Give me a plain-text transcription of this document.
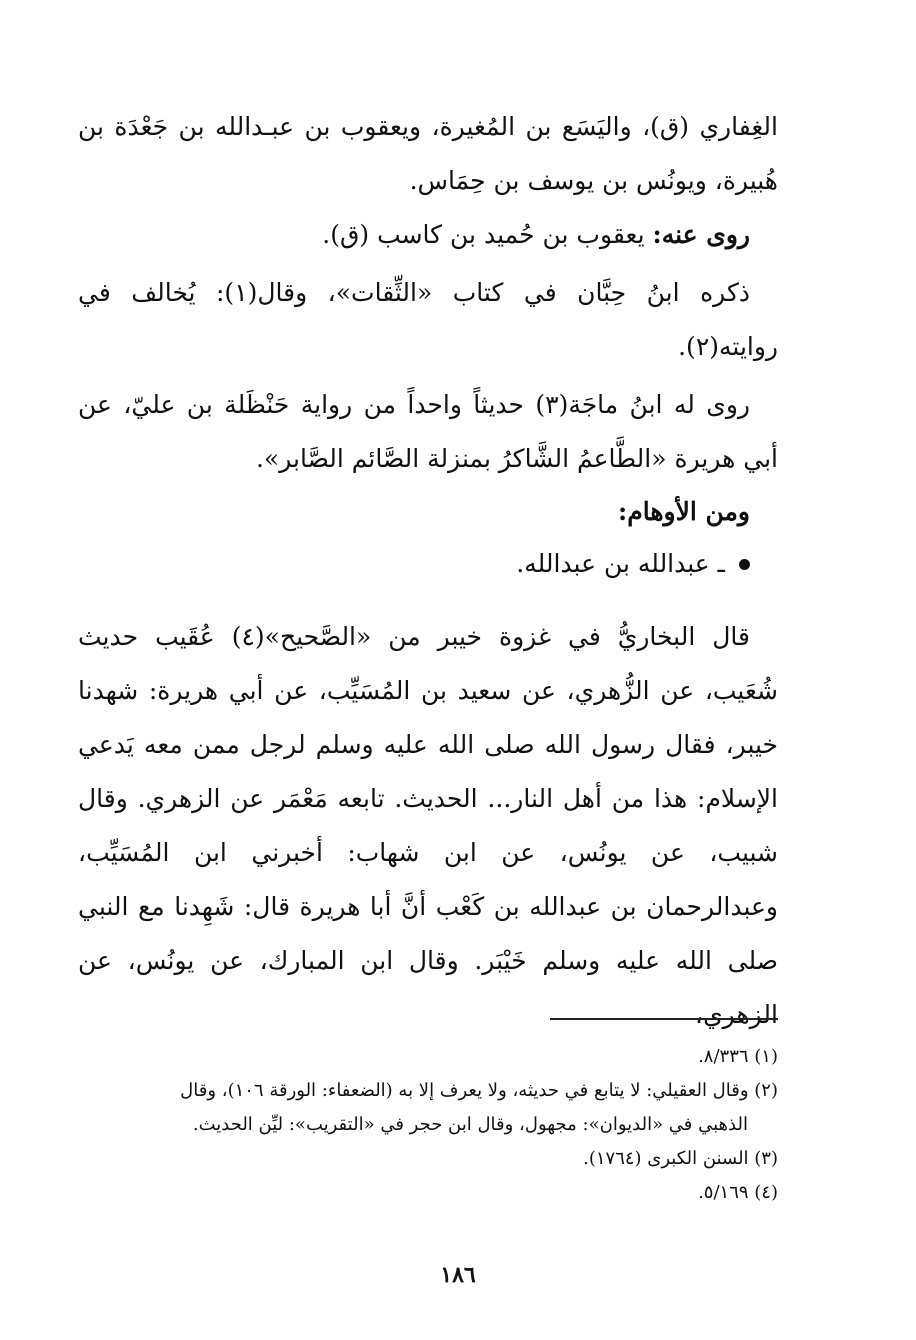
الغِفاري (ق)، واليَسَع بن المُغيرة، ويعقوب بن عبـدالله بن جَعْدَة بن هُبيرة، ويونُس بن يوسف بن حِمَاس.

روى عنه: يعقوب بن حُميد بن كاسب (ق).

ذكره ابنُ حِبَّان في كتاب «الثِّقات»، وقال(١): يُخالف في روايته(٢).

روى له ابنُ ماجَة(٣) حديثاً واحداً من رواية حَنْظَلة بن عليّ، عن أبي هريرة «الطَّاعمُ الشَّاكرُ بمنزلة الصَّائم الصَّابر».

ومن الأوهام:

ـ عبدالله بن عبدالله.

قال البخاريُّ في غزوة خيبر من «الصَّحيح»(٤) عُقَيب حديث شُعَيب، عن الزُّهري، عن سعيد بن المُسَيِّب، عن أبي هريرة: شهدنا خيبر، فقال رسول الله صلى الله عليه وسلم لرجل ممن معه يَدعي الإسلام: هذا من أهل النار... الحديث. تابعه مَعْمَر عن الزهري. وقال شبيب، عن يونُس، عن ابن شهاب: أخبرني ابن المُسَيِّب، وعبدالرحمان بن عبدالله بن كَعْب أنَّ أبا هريرة قال: شَهِدنا مع النبي صلى الله عليه وسلم خَيْبَر. وقال ابن المبارك، عن يونُس، عن الزهري،

(١) ٨/٣٣٦.

(٢) وقال العقيلي: لا يتابع في حديثه، ولا يعرف إلا به (الضعفاء: الورقة ١٠٦)، وقال

الذهبي في «الديوان»: مجهول، وقال ابن حجر في «التقريب»: ليِّن الحديث.

(٣) السنن الكبرى (١٧٦٤).

(٤) ٥/١٦٩.

١٨٦
